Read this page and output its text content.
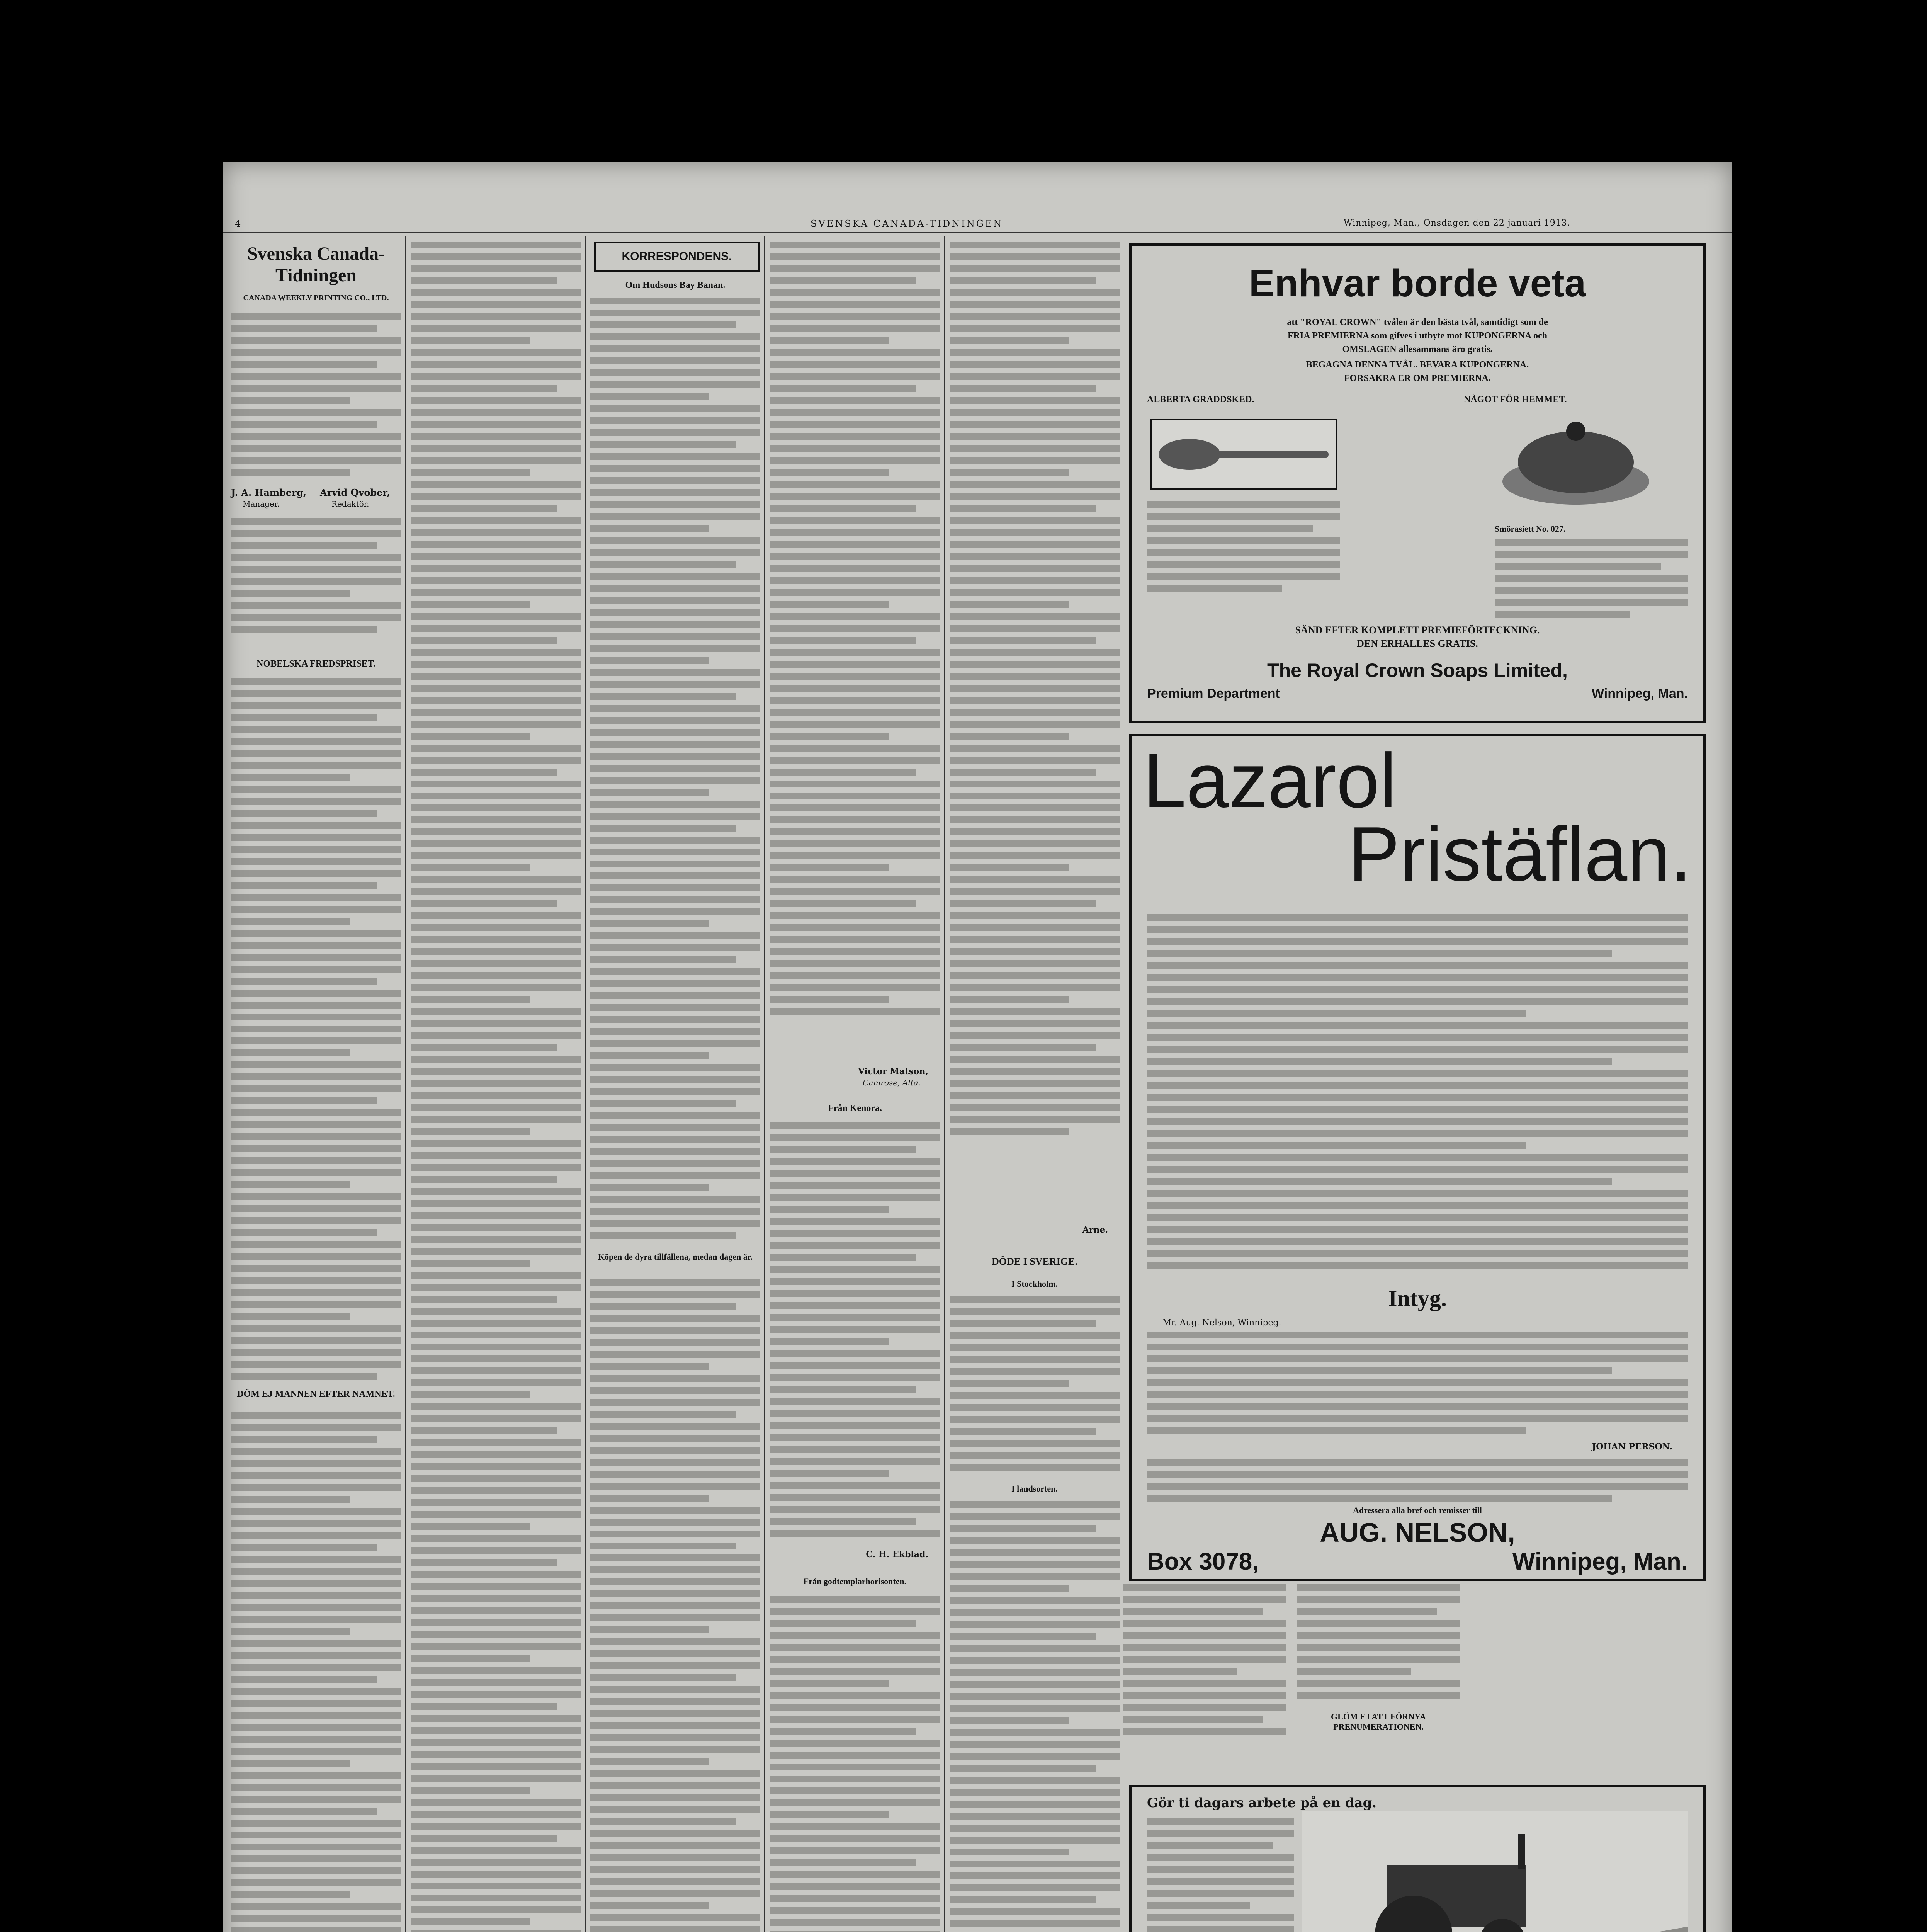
4	SVENSKA CANADA-TIDNINGEN	Winnipeg, Man., Onsdagen den 22 januari 1913.
Svenska Canada-
Tidningen
CANADA WEEKLY PRINTING CO., LTD.
J. A. Hamberg, Arvid Qvober,
Manager.	Redaktör.
NOBELSKA FREDSPRISET.
DÖM EJ MANNEN EFTER NAMNET.
KORRESPONDENS.
Om Hudsons Bay Banan.
Köpen de dyra tillfällena, medan dagen är.
Victor Matson,
Camrose, Alta.
Från Kenora.
C. H. Ekblad.
Från godtemplarhorisonten.
Arne.
DÖDE I SVERIGE.
I Stockholm.
I landsorten.
GLÖM EJ ATT FÖRNYA PRENUMERATIONEN.
Enhvar borde veta
att "ROYAL CROWN" tvålen är den bästa tvål, samtidigt som de
FRIA PREMIERNA som gifves i utbyte mot KUPONGERNA och
OMSLAGEN allesammans äro gratis.
BEGAGNA DENNA TVÅL. BEVARA KUPONGERNA.
FORSAKRA ER OM PREMIERNA.
ALBERTA GRADDSKED.	NÅGOT FÖR HEMMET.
Smörasiett No. 027.
SÄND EFTER KOMPLETT PREMIEFÖRTECKNING.
DEN ERHALLES GRATIS.
The Royal Crown Soaps Limited,
Premium Department	Winnipeg, Man.
Lazarol
Pristäflan.
Intyg.
Mr. Aug. Nelson, Winnipeg.
JOHAN PERSON.
Adressera alla bref och remisser till
AUG. NELSON,
Box 3078,	Winnipeg, Man.
Gör ti dagars arbete på en dag.
